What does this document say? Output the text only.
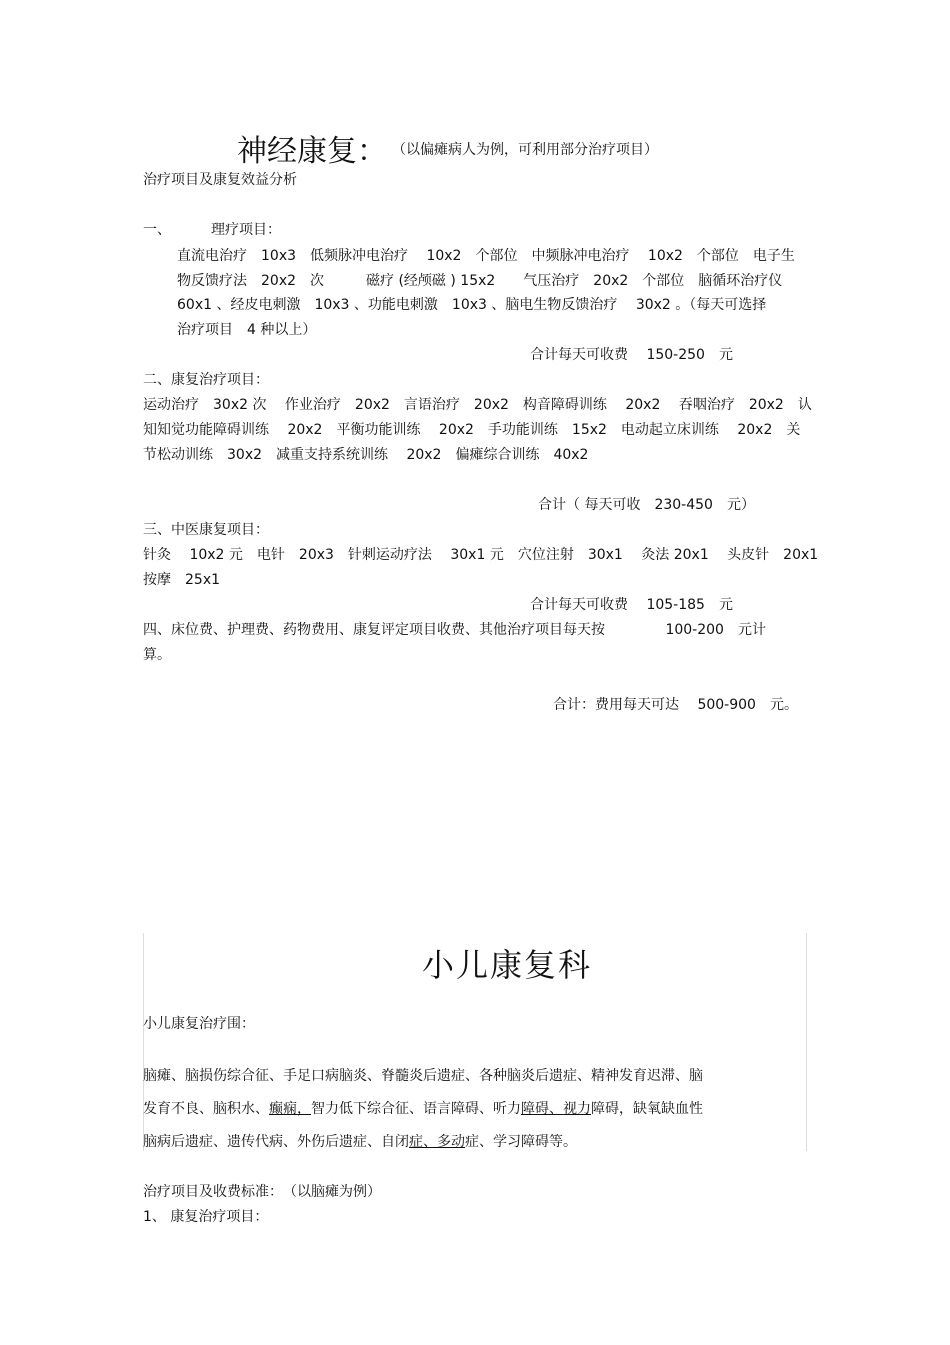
神经康复： （以偏瘫病人为例，可利用部分治疗项目）
治疗项目及康复效益分析
一、	理疗项目：
直流电治疗　10x3　低频脉冲电治疗　 10x2　个部位　中频脉冲电治疗　 10x2　个部位　电子生
物反馈疗法　20x2　次　　　磁疗 (经颅磁 ) 15x2　　气压治疗　20x2　个部位　脑循环治疗仪
60x1 、经皮电刺激　10x3 、功能电刺激　10x3 、脑电生物反馈治疗　 30x2 。（每天可选择
治疗项目　4 种以上）
合计每天可收费　 150-250　元
二、康复治疗项目：
运动治疗　30x2 次　 作业治疗　20x2　言语治疗　20x2　构音障碍训练　 20x2　 吞咽治疗　20x2　认
知知觉功能障碍训练　 20x2　平衡功能训练　 20x2　手功能训练　15x2　电动起立床训练　 20x2　关
节松动训练　30x2　减重支持系统训练　 20x2　偏瘫综合训练　40x2
合计（ 每天可收　230-450　元）
三、中医康复项目：
针灸　 10x2 元　电针　20x3　针刺运动疗法　 30x1 元　穴位注射　30x1　 灸法 20x1　 头皮针　20x1
按摩　25x1
合计每天可收费　 105-185　元
四、床位费、护理费、药物费用、康复评定项目收费、其他治疗项目每天按　　　　 100-200　元计
算。
合计：费用每天可达　 500-900　元。
小儿康复科
小儿康复治疗围：
脑瘫、脑损伤综合征、手足口病脑炎、脊髓炎后遗症、各种脑炎后遗症、精神发育迟滞、脑
发育不良、脑积水、癫痫，智力低下综合征、语言障碍、听力障碍、视力障碍，缺氧缺血性
脑病后遗症、遗传代病、外伤后遗症、自闭症、多动症、学习障碍等。
治疗项目及收费标准：　（以脑瘫为例）
1、 康复治疗项目：
